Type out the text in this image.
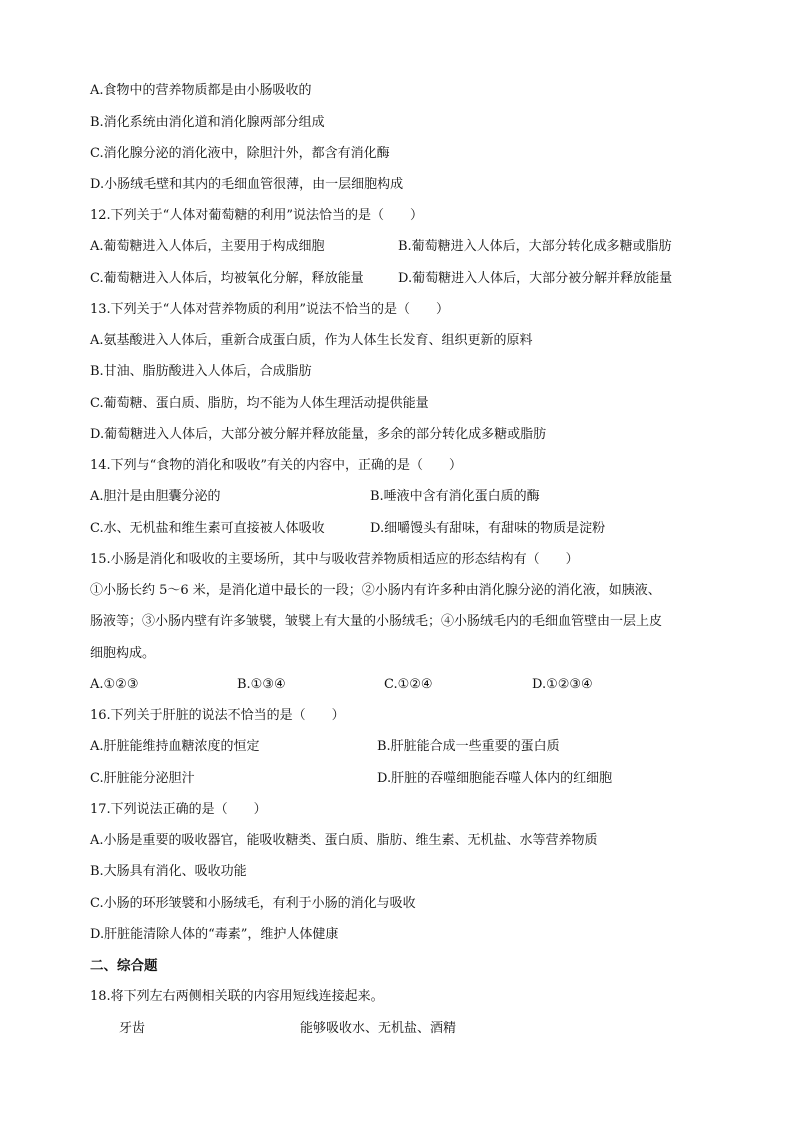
A.食物中的营养物质都是由小肠吸收的
B.消化系统由消化道和消化腺两部分组成
C.消化腺分泌的消化液中，除胆汁外，都含有消化酶
D.小肠绒毛壁和其内的毛细血管很薄，由一层细胞构成
12.下列关于“人体对葡萄糖的利用”说法恰当的是（　　）
A.葡萄糖进入人体后，主要用于构成细胞	B.葡萄糖进入人体后，大部分转化成多糖或脂肪
C.葡萄糖进入人体后，均被氧化分解，释放能量	D.葡萄糖进入人体后，大部分被分解并释放能量
13.下列关于“人体对营养物质的利用”说法不恰当的是（　　）
A.氨基酸进入人体后，重新合成蛋白质，作为人体生长发育、组织更新的原料
B.甘油、脂肪酸进入人体后，合成脂肪
C.葡萄糖、蛋白质、脂肪，均不能为人体生理活动提供能量
D.葡萄糖进入人体后，大部分被分解并释放能量，多余的部分转化成多糖或脂肪
14.下列与“食物的消化和吸收”有关的内容中，正确的是（　　）
A.胆汁是由胆囊分泌的	B.唾液中含有消化蛋白质的酶
C.水、无机盐和维生素可直接被人体吸收	D.细嚼馒头有甜味，有甜味的物质是淀粉
15.小肠是消化和吸收的主要场所，其中与吸收营养物质相适应的形态结构有（　　）
①小肠长约 5～6 米，是消化道中最长的一段；②小肠内有许多种由消化腺分泌的消化液，如胰液、
肠液等；③小肠内壁有许多皱襞，皱襞上有大量的小肠绒毛；④小肠绒毛内的毛细血管壁由一层上皮
细胞构成。
A.①②③	B.①③④	C.①②④	D.①②③④
16.下列关于肝脏的说法不恰当的是（　　）
A.肝脏能维持血糖浓度的恒定	B.肝脏能合成一些重要的蛋白质
C.肝脏能分泌胆汁	D.肝脏的吞噬细胞能吞噬人体内的红细胞
17.下列说法正确的是（　　）
A.小肠是重要的吸收器官，能吸收糖类、蛋白质、脂肪、维生素、无机盐、水等营养物质
B.大肠具有消化、吸收功能
C.小肠的环形皱襞和小肠绒毛，有利于小肠的消化与吸收
D.肝脏能清除人体的“毒素”，维护人体健康
二、综合题
18.将下列左右两侧相关联的内容用短线连接起来。
牙齿	能够吸收水、无机盐、酒精
